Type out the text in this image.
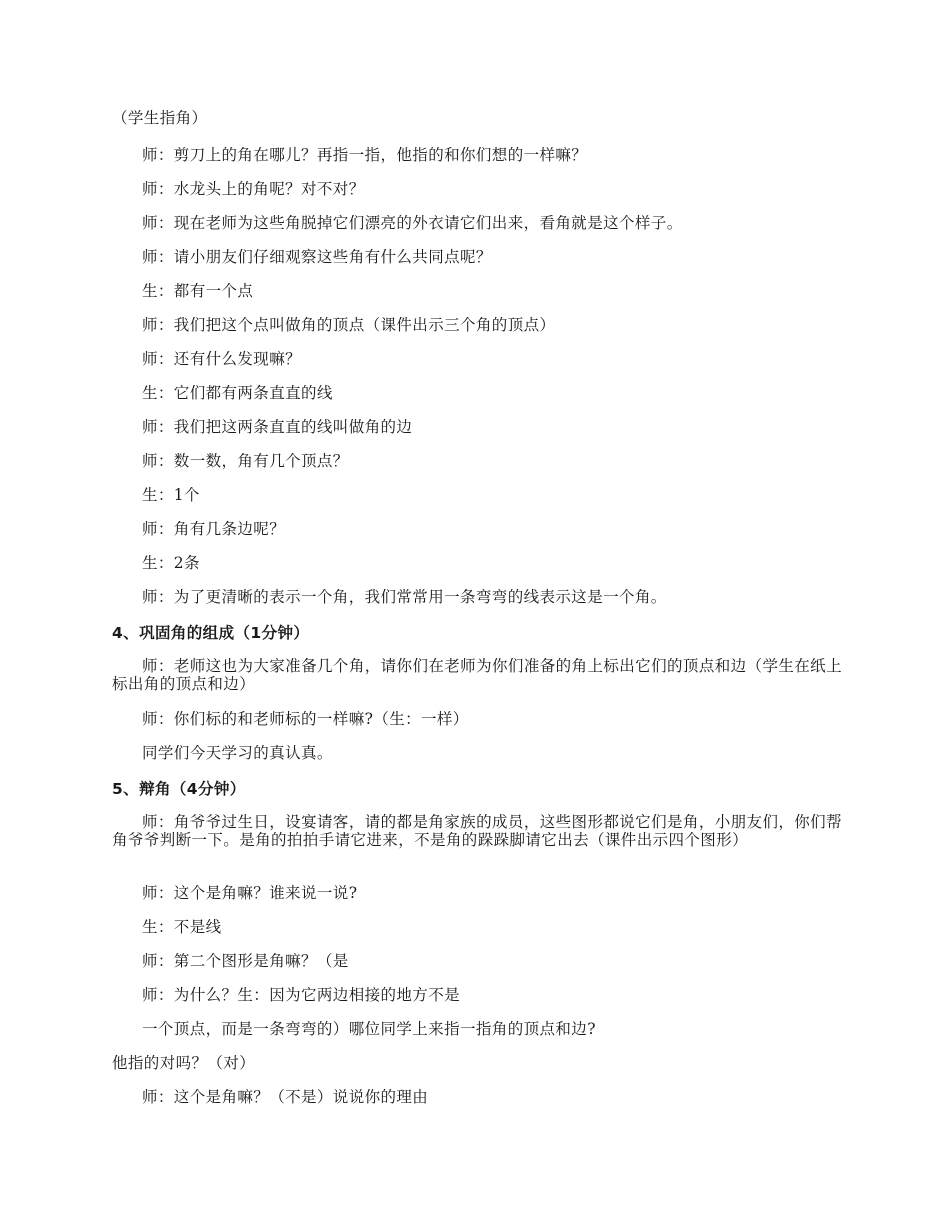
（学生指角）
师：剪刀上的角在哪儿？再指一指，他指的和你们想的一样嘛？
师：水龙头上的角呢？对不对？
师：现在老师为这些角脱掉它们漂亮的外衣请它们出来，看角就是这个样子。
师：请小朋友们仔细观察这些角有什么共同点呢？
生：都有一个点
师：我们把这个点叫做角的顶点（课件出示三个角的顶点）
师：还有什么发现嘛？
生：它们都有两条直直的线
师：我们把这两条直直的线叫做角的边
师：数一数，角有几个顶点？
生：1个
师：角有几条边呢？
生：2条
师：为了更清晰的表示一个角，我们常常用一条弯弯的线表示这是一个角。
4、巩固角的组成（1分钟）
师：老师这也为大家准备几个角，请你们在老师为你们准备的角上标出它们的顶点和边（学生在纸上标出角的顶点和边）
师：你们标的和老师标的一样嘛?（生：一样）
同学们今天学习的真认真。
5、辩角（4分钟）
师：角爷爷过生日，设宴请客，请的都是角家族的成员，这些图形都说它们是角，小朋友们，你们帮角爷爷判断一下。是角的拍拍手请它进来，不是角的跺跺脚请它出去（课件出示四个图形）
师：这个是角嘛？谁来说一说?
生：不是线
师：第二个图形是角嘛？（是
师：为什么？生：因为它两边相接的地方不是
一个顶点，而是一条弯弯的）哪位同学上来指一指角的顶点和边?
他指的对吗？（对）
师：这个是角嘛？（不是）说说你的理由
